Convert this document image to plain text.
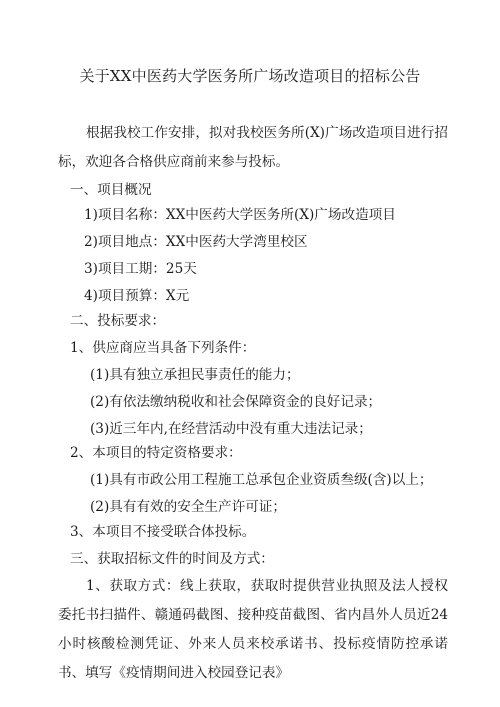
关于XX中医药大学医务所广场改造项目的招标公告
根据我校工作安排，拟对我校医务所(X)广场改造项目进行招标，欢迎各合格供应商前来参与投标。
一、项目概况
1)项目名称：XX中医药大学医务所(X)广场改造项目
2)项目地点：XX中医药大学湾里校区
3)项目工期：25天
4)项目预算：X元
二、投标要求：
1、供应商应当具备下列条件：
(1)具有独立承担民事责任的能力；
(2)有依法缴纳税收和社会保障资金的良好记录；
(3)近三年内,在经营活动中没有重大违法记录；
2、本项目的特定资格要求：
(1)具有市政公用工程施工总承包企业资质叁级(含)以上；
(2)具有有效的安全生产许可证；
3、本项目不接受联合体投标。
三、获取招标文件的时间及方式：
1、获取方式：线上获取，获取时提供营业执照及法人授权委托书扫描件、赣通码截图、接种疫苗截图、省内昌外人员近24小时核酸检测凭证、外来人员来校承诺书、投标疫情防控承诺书、填写《疫情期间进入校园登记表》
